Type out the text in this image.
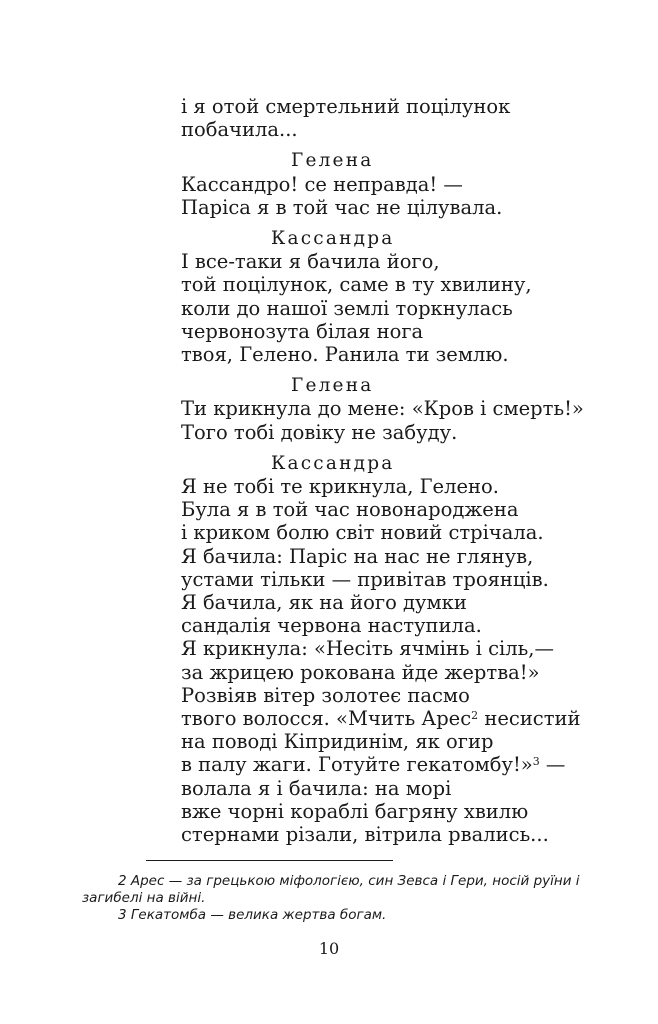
і я отой смертельний поцілунок
побачила...
Гелена
Кассандро! се неправда! —
Паріса я в той час не цілувала.
Кассандра
І все-таки я бачила його,
той поцілунок, саме в ту хвилину,
коли до нашої землі торкнулась
червонозута білая нога
твоя, Гелено. Ранила ти землю.
Гелена
Ти крикнула до мене: «Кров і смерть!»
Того тобі довіку не забуду.
Кассандра
Я не тобі те крикнула, Гелено.
Була я в той час новонароджена
і криком болю світ новий стрічала.
Я бачила: Паріс на нас не глянув,
устами тільки — привітав троянців.
Я бачила, як на його думки
сандалія червона наступила.
Я крикнула: «Несіть ячмінь і сіль,—
за жрицею рокована йде жертва!»
Розвіяв вітер золотеє пасмо
твого волосся. «Мчить Арес$^2$ несистий
на поводі Кіпридинім, як огир
в палу жаги. Готуйте гекатомбу!»$^3$ —
волала я і бачила: на морі
вже чорні кораблі багряну хвилю
стернами різали, вітрила рвались...
2 Арес — за грецькою міфологією, син Зевса і Гери, носій руїни і загибелі на війні.
3 Гекатомба — велика жертва богам.
10
